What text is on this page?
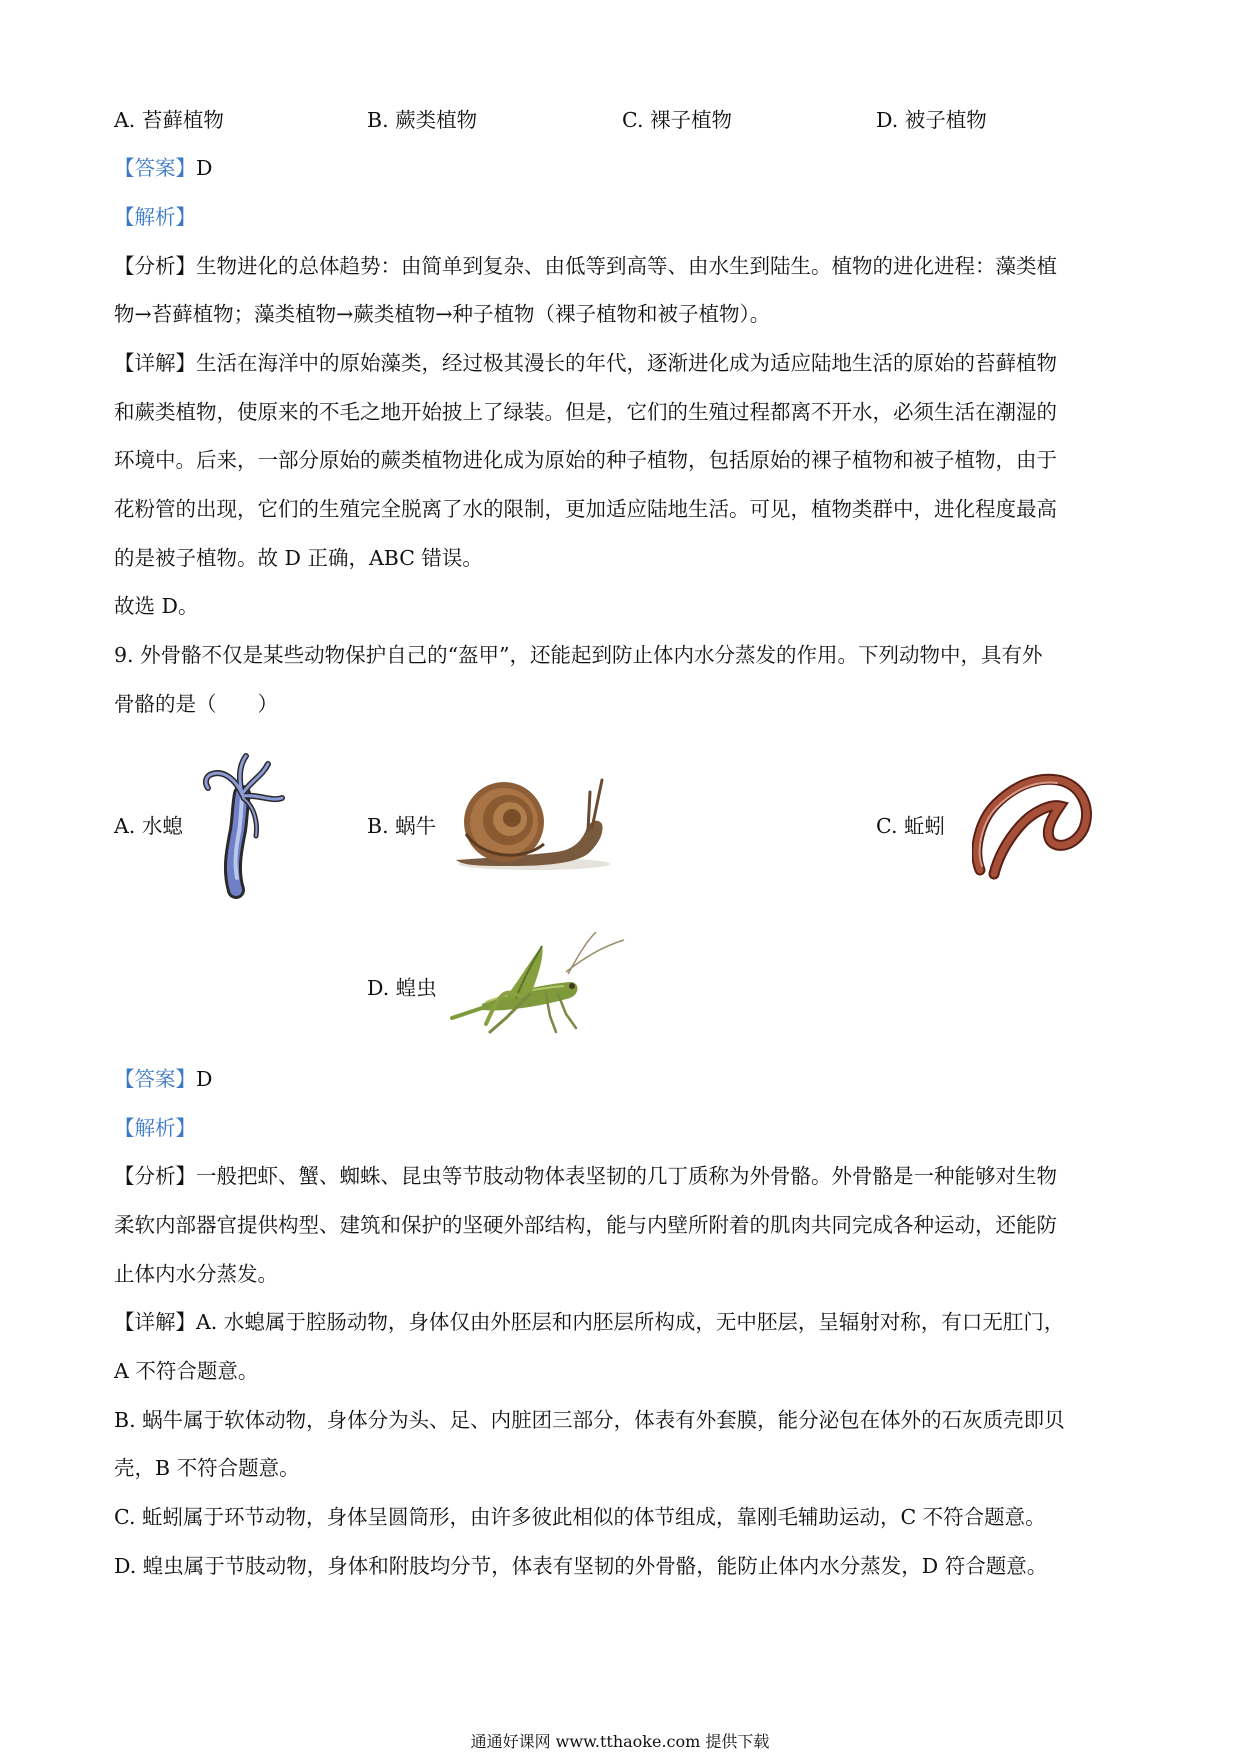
A. 苔藓植物	B. 蕨类植物	C. 裸子植物	D. 被子植物
【答案】D
【解析】
【分析】生物进化的总体趋势：由简单到复杂、由低等到高等、由水生到陆生。植物的进化进程：藻类植
物→苔藓植物；藻类植物→蕨类植物→种子植物（裸子植物和被子植物）。
【详解】生活在海洋中的原始藻类，经过极其漫长的年代，逐渐进化成为适应陆地生活的原始的苔藓植物
和蕨类植物，使原来的不毛之地开始披上了绿装。但是，它们的生殖过程都离不开水，必须生活在潮湿的
环境中。后来，一部分原始的蕨类植物进化成为原始的种子植物，包括原始的裸子植物和被子植物，由于
花粉管的出现，它们的生殖完全脱离了水的限制，更加适应陆地生活。可见，植物类群中，进化程度最高
的是被子植物。故 D 正确，ABC 错误。
故选 D。
9. 外骨骼不仅是某些动物保护自己的“盔甲”，还能起到防止体内水分蒸发的作用。下列动物中，具有外
骨骼的是（　　）
A. 水螅	B. 蜗牛	C. 蚯蚓
D. 蝗虫
【答案】D
【解析】
【分析】一般把虾、蟹、蜘蛛、昆虫等节肢动物体表坚韧的几丁质称为外骨骼。外骨骼是一种能够对生物
柔软内部器官提供构型、建筑和保护的坚硬外部结构，能与内壁所附着的肌肉共同完成各种运动，还能防
止体内水分蒸发。
【详解】A. 水螅属于腔肠动物，身体仅由外胚层和内胚层所构成，无中胚层，呈辐射对称，有口无肛门，
A 不符合题意。
B. 蜗牛属于软体动物，身体分为头、足、内脏团三部分，体表有外套膜，能分泌包在体外的石灰质壳即贝
壳，B 不符合题意。
C. 蚯蚓属于环节动物，身体呈圆筒形，由许多彼此相似的体节组成，靠刚毛辅助运动，C 不符合题意。
D. 蝗虫属于节肢动物，身体和附肢均分节，体表有坚韧的外骨骼，能防止体内水分蒸发，D 符合题意。
通通好课网 www.tthaoke.com 提供下载
